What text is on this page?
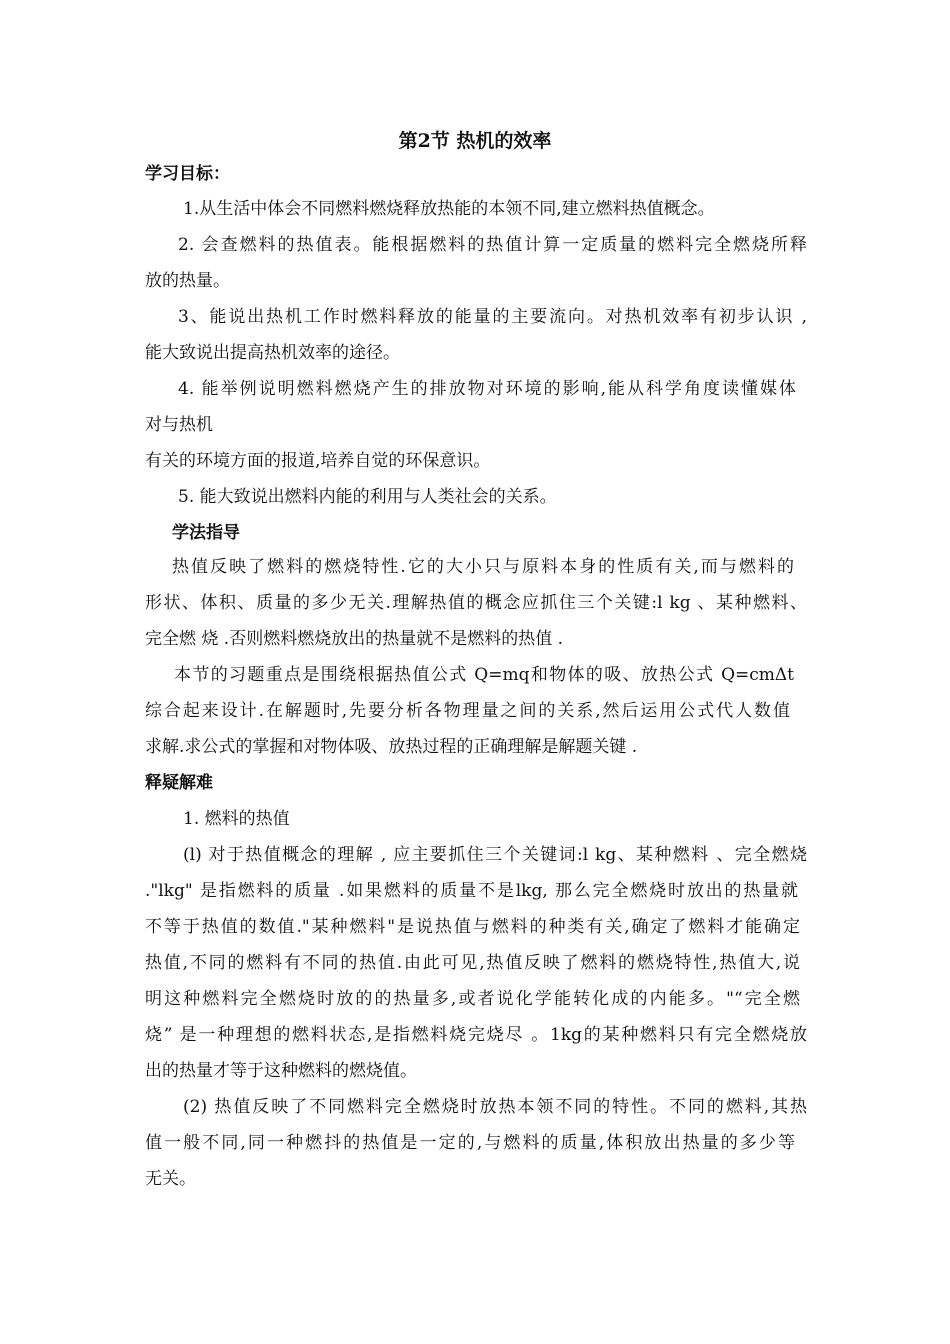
第2节 热机的效率
学习目标：
1.从生活中体会不同燃料燃烧释放热能的本领不同,建立燃料热值概念。
2. 会查燃料的热值表。能根据燃料的热值计算一定质量的燃料完全燃烧所释
放的热量。
3、能说出热机工作时燃料释放的能量的主要流向。对热机效率有初步认识 ,
能大致说出提高热机效率的途径。
4. 能举例说明燃料燃烧产生的排放物对环境的影响,能从科学角度读懂媒体
对与热机
有关的环境方面的报道,培养自觉的环保意识。
5. 能大致说出燃料内能的利用与人类社会的关系。
学法指导
热值反映了燃料的燃烧特性.它的大小只与原料本身的性质有关,而与燃料的
形状、体积、质量的多少无关.理解热值的概念应抓住三个关键:l kg 、某种燃料、
完全燃 烧 .否则燃料燃烧放出的热量就不是燃料的热值 .
本节的习题重点是围绕根据热值公式 Q=mq和物体的吸、放热公式 Q=cmΔt
综合起来设计.在解题时,先要分析各物理量之间的关系,然后运用公式代人数值
求解.求公式的掌握和对物体吸、放热过程的正确理解是解题关键 .
释疑解难
1. 燃料的热值
(l) 对于热值概念的理解 , 应主要抓住三个关键词:l kg、某种燃料 、完全燃烧
."lkg" 是指燃料的质量 .如果燃料的质量不是lkg, 那么完全燃烧时放出的热量就
不等于热值的数值."某种燃料"是说热值与燃料的种类有关,确定了燃料才能确定
热值,不同的燃料有不同的热值.由此可见,热值反映了燃料的燃烧特性,热值大,说
明这种燃料完全燃烧时放的的热量多,或者说化学能转化成的内能多。"“完全燃
烧” 是一种理想的燃料状态,是指燃料烧完烧尽 。1kg的某种燃料只有完全燃烧放
出的热量才等于这种燃料的燃烧值。
(2) 热值反映了不同燃料完全燃烧时放热本领不同的特性。不同的燃料,其热
值一般不同,同一种燃抖的热值是一定的,与燃料的质量,体积放出热量的多少等
无关。
